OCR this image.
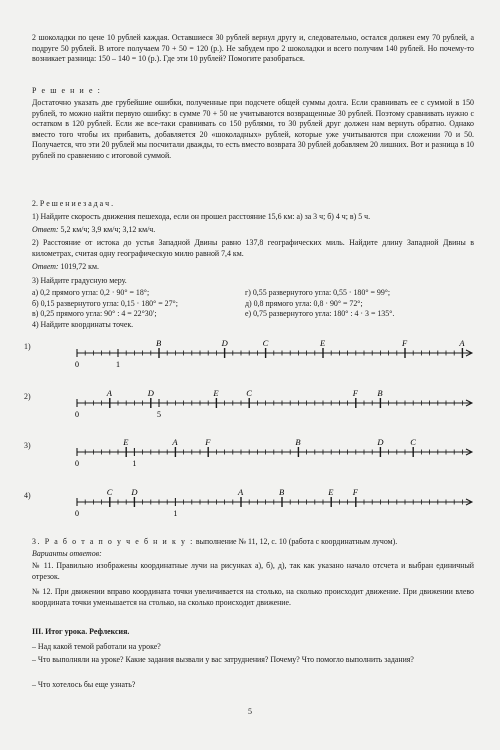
2 шоколадки по цене 10 рублей каждая. Оставшиеся 30 рублей вернул другу и, следовательно, остался должен ему 70 рублей, а подруге 50 рублей. В итоге получаем 70 + 50 = 120 (р.). Не забудем про 2 шоколадки и всего получим 140 рублей. Но почему-то возникает разница: 150 – 140 = 10 (р.). Где эти 10 рублей? Помогите разобраться.

Р е ш е н и е :

Достаточно указать две грубейшие ошибки, полученные при подсчете общей суммы долга. Если сравнивать ее с суммой в 150 рублей, то можно найти первую ошибку: в сумме 70 + 50 не учитываются возвращенные 30 рублей. Поэтому сравнивать нужно с остатком в 120 рублей. Если же все-таки сравнивать со 150 рублями, то 30 рублей друг должен нам вернуть обратно. Однако вместо того чтобы их прибавить, добавляется 20 «шоколадных» рублей, которые уже учитываются при сложении 70 и 50. Получается, что эти 20 рублей мы посчитали дважды, то есть вместо возврата 30 рублей добавляем 20 лишних. Вот и разница в 10 рублей по сравнению с итоговой суммой.

2. Р е ш е н и е з а д а ч .

1) Найдите скорость движения пешехода, если он прошел расстояние 15,6 км: а) за 3 ч; б) 4 ч; в) 5 ч.

Ответ: 5,2 км/ч; 3,9 км/ч; 3,12 км/ч.

2) Расстояние от истока до устья Западной Двины равно 137,8 географических миль. Найдите длину Западной Двины в километрах, считая одну географическую милю равной 7,4 км.

Ответ: 1019,72 км.

3) Найдите градусную меру.

а) 0,2 прямого угла: 0,2 · 90° = 18°;
б) 0,15 развернутого угла: 0,15 · 180° = 27°;
в) 0,25 прямого угла: 90° : 4 = 22°30′;
г) 0,55 развернутого угла: 0,55 · 180° = 99°;
д) 0,8 прямого угла: 0,8 · 90° = 72°;
е) 0,75 развернутого угла: 180° : 4 · 3 = 135°.

4) Найдите координаты точек.

1)
0	1
B	D	C	E	F	A
2)
0	5
A	D	E	C	F B
3)
0	1
E	A	F	B	D	C
4)
0	1
C D	A	B	E F

3. Р а б о т а п о у ч е б н и к у : выполнение № 11, 12, с. 10 (работа с координатным лучом).

Варианты ответов:

№ 11. Правильно изображены координатные лучи на рисунках а), б), д), так как указано начало отсчета и выбран единичный отрезок.

№ 12. При движении вправо координата точки увеличивается на столько, на сколько происходит движение. При движении влево координата точки уменьшается на столько, на сколько происходит движение.

III. Итог урока. Рефлексия.

– Над какой темой работали на уроке?

– Что выполняли на уроке? Какие задания вызвали у вас затруднения? Почему? Что помогло выполнить задания?

– Что хотелось бы еще узнать?

5
